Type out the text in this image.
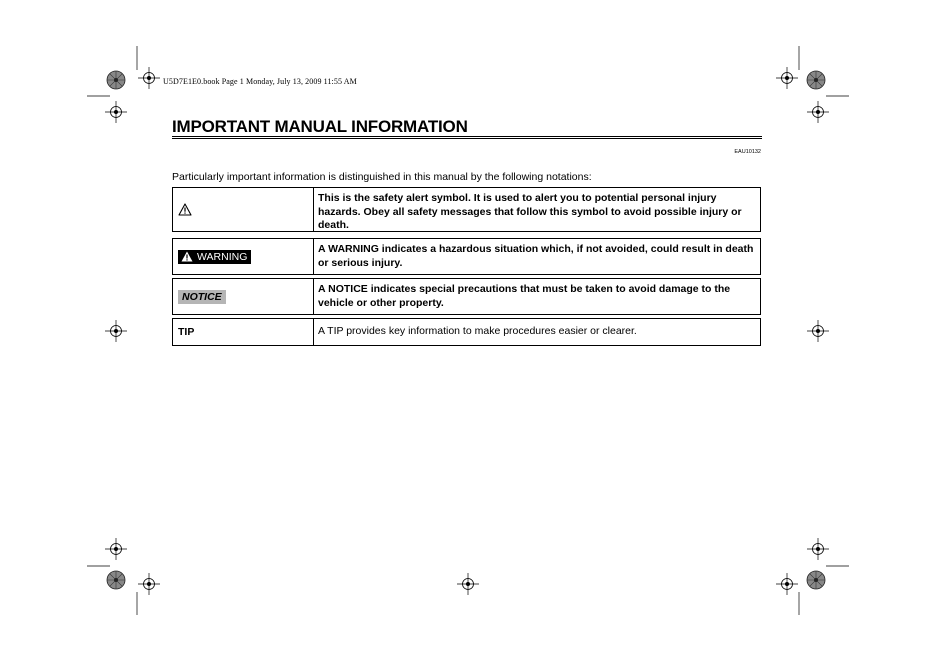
U5D7E1E0.book Page 1 Monday, July 13, 2009 11:55 AM
IMPORTANT MANUAL INFORMATION
EAU10132
Particularly important information is distinguished in this manual by the following notations:
This is the safety alert symbol. It is used to alert you to potential personal injury hazards. Obey all safety messages that follow this symbol to avoid possible injury or death.
WARNING
A WARNING indicates a hazardous situation which, if not avoided, could result in death or serious injury.
NOTICE
A NOTICE indicates special precautions that must be taken to avoid damage to the vehicle or other property.
TIP	A TIP provides key information to make procedures easier or clearer.
